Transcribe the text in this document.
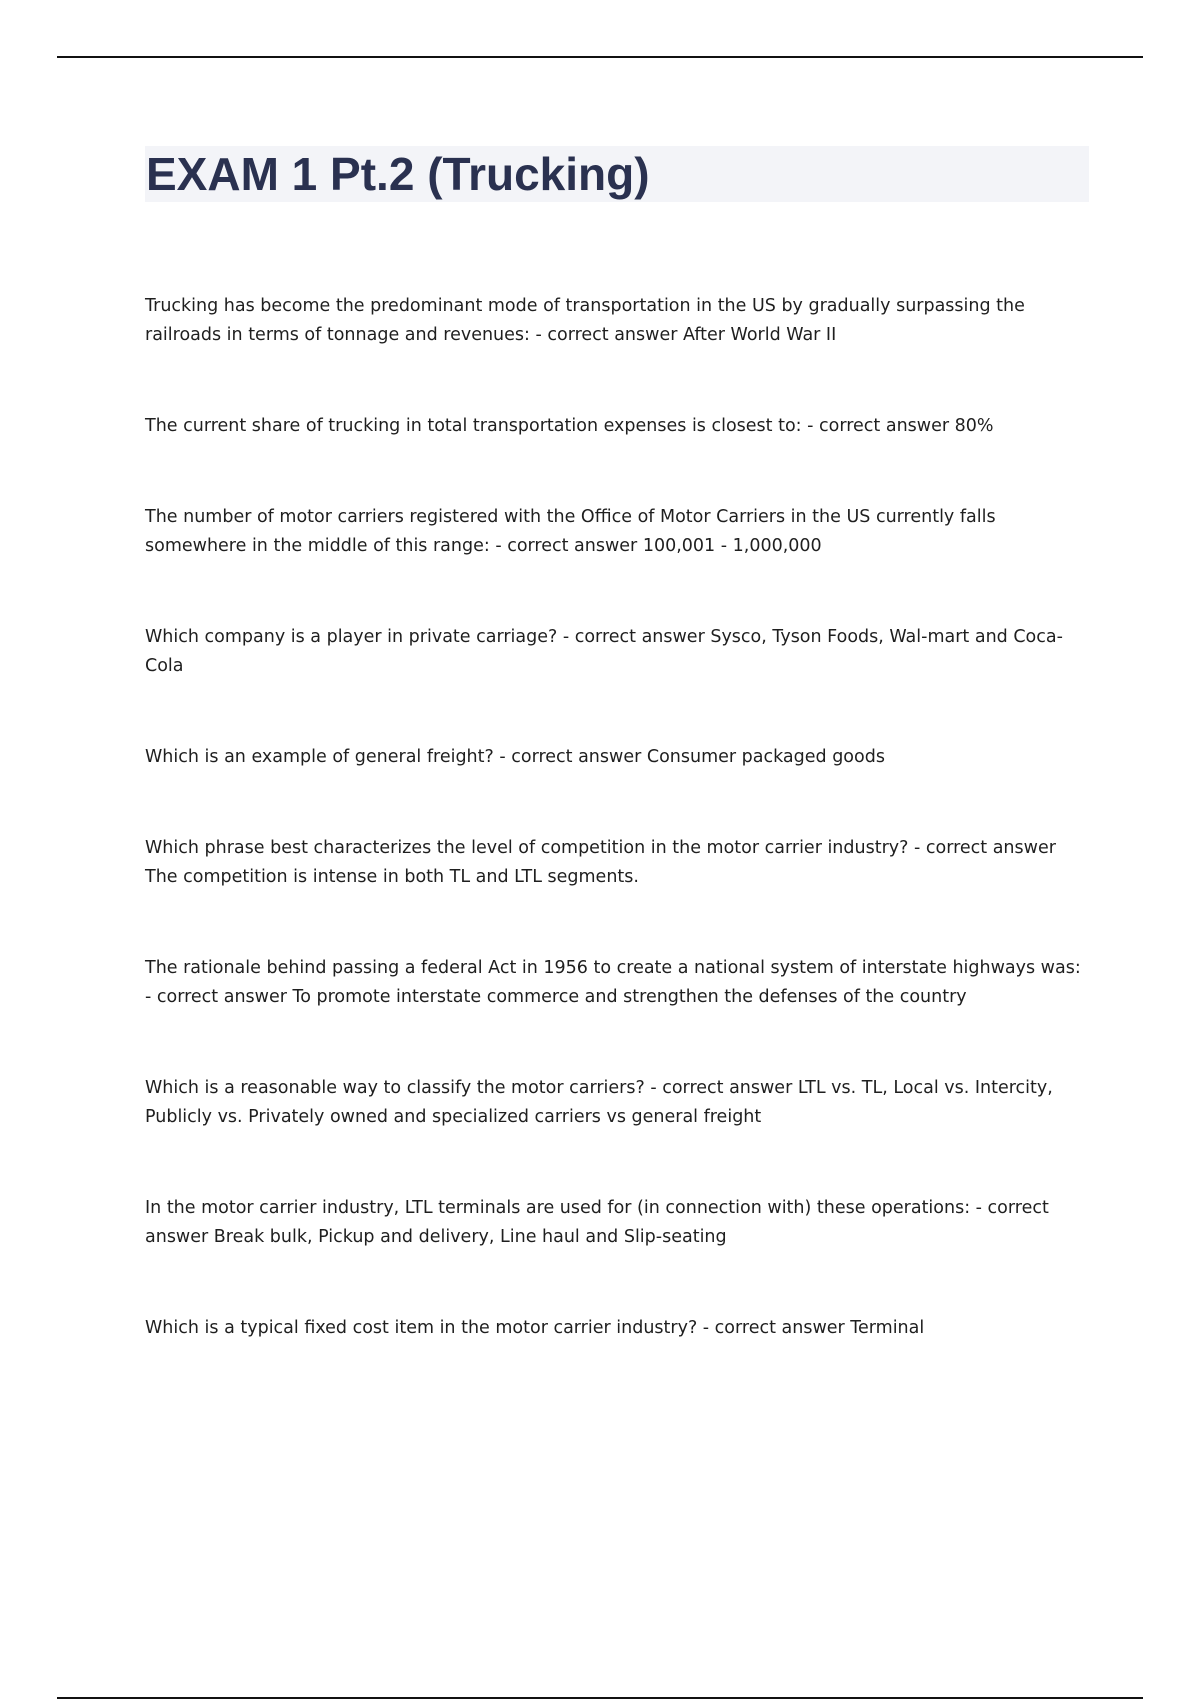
EXAM 1 Pt.2 (Trucking)

Trucking has become the predominant mode of transportation in the US by gradually surpassing the railroads in terms of tonnage and revenues: - correct answer After World War II

The current share of trucking in total transportation expenses is closest to: - correct answer 80%

The number of motor carriers registered with the Office of Motor Carriers in the US currently falls somewhere in the middle of this range: - correct answer 100,001 - 1,000,000

Which company is a player in private carriage? - correct answer Sysco, Tyson Foods, Wal-mart and Coca-Cola

Which is an example of general freight? - correct answer Consumer packaged goods

Which phrase best characterizes the level of competition in the motor carrier industry? - correct answer The competition is intense in both TL and LTL segments.

The rationale behind passing a federal Act in 1956 to create a national system of interstate highways was: - correct answer To promote interstate commerce and strengthen the defenses of the country

Which is a reasonable way to classify the motor carriers? - correct answer LTL vs. TL, Local vs. Intercity, Publicly vs. Privately owned and specialized carriers vs general freight

In the motor carrier industry, LTL terminals are used for (in connection with) these operations: - correct answer Break bulk, Pickup and delivery, Line haul and Slip-seating

Which is a typical fixed cost item in the motor carrier industry? - correct answer Terminal
